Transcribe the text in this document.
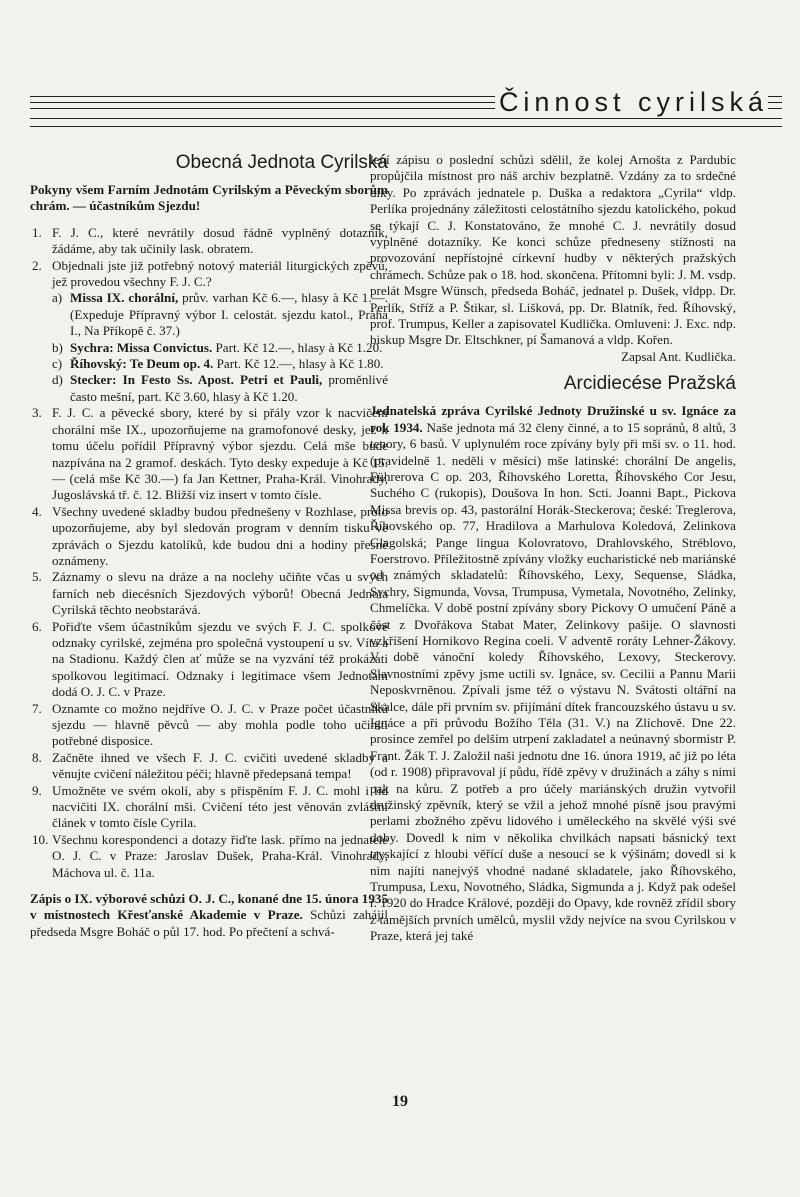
Činnost cyrilská
Obecná Jednota Cyrilská

Pokyny všem Farním Jednotám Cyrilským a Pěveckým sborům chrám. — účastníkům Sjezdu!

1. F. J. C., které nevrátily dosud řádně vyplněný dotazník, žádáme, aby tak učinily lask. obratem.

2. Objednali jste již potřebný notový materiál liturgických zpěvů, jež provedou všechny F. J. C.?

a) Missa IX. chorální, prův. varhan Kč 6.—, hlasy à Kč 1.—. (Expeduje Přípravný výbor I. celostát. sjezdu katol., Praha I., Na Příkopě č. 37.)

b) Sychra: Missa Convictus. Part. Kč 12.—, hlasy à Kč 1.20.

c) Říhovský: Te Deum op. 4. Part. Kč 12.—, hlasy à Kč 1.80.

d) Stecker: In Festo Ss. Apost. Petri et Pauli, proměnlivé často mešní, part. Kč 3.60, hlasy à Kč 1.20.

3. F. J. C. a pěvecké sbory, které by si přály vzor k nacvičení chorální mše IX., upozorňujeme na gramofonové desky, jež k tomu účelu pořídil Přípravný výbor sjezdu. Celá mše bude nazpívána na 2 gramof. deskách. Tyto desky expeduje à Kč 15.— (celá mše Kč 30.—) fa Jan Kettner, Praha-Král. Vinohrady, Jugoslávská tř. č. 12. Bližší viz insert v tomto čísle.

4. Všechny uvedené skladby budou přednešeny v Rozhlase, proto upozorňujeme, aby byl sledován program v denním tisku ve zprávách o Sjezdu katolíků, kde budou dni a hodiny přesně oznámeny.

5. Záznamy o slevu na dráze a na noclehy učiňte včas u svých farních neb diecésních Sjezdových výborů! Obecná Jednota Cyrilská těchto neobstarává.

6. Pořiďte všem účastníkům sjezdu ve svých F. J. C. spolkové odznaky cyrilské, zejména pro společná vystoupení u sv. Víta a na Stadionu. Každý člen ať může se na vyzvání též prokázati spolkovou legitimací. Odznaky i legitimace všem Jednotám dodá O. J. C. v Praze.

7. Oznamte co možno nejdříve O. J. C. v Praze počet účastníků sjezdu — hlavně pěvců — aby mohla podle toho učiniti potřebné disposice.

8. Začněte ihned ve všech F. J. C. cvičiti uvedené skladby a věnujte cvičení náležitou péči; hlavně předepsaná tempa!

9. Umožněte ve svém okolí, aby s přispěním F. J. C. mohl i lid nacvičiti IX. chorální mši. Cvičení této jest věnován zvláštní článek v tomto čísle Cyrila.

10. Všechnu korespondenci a dotazy řiďte lask. přímo na jednatele O. J. C. v Praze: Jaroslav Dušek, Praha-Král. Vinohrady, Máchova ul. č. 11a.

Zápis o IX. výborové schůzi O. J. C., konané dne 15. února 1935 v místnostech Křesťanské Akademie v Praze. Schůzi zahájil předseda Msgre Boháč o půl 17. hod. Po přečtení a schvá-

lení zápisu o poslední schůzi sdělil, že kolej Arnošta z Pardubic propůjčila místnost pro náš archiv bezplatně. Vzdány za to srdečné díky. Po zprávách jednatele p. Duška a redaktora „Cyrila“ vldp. Perlíka projednány záležitosti celostátního sjezdu katolického, pokud se týkají C. J. Konstatováno, že mnohé C. J. nevrátily dosud vyplněné dotazníky. Ke konci schůze předneseny stížnosti na provozování nepřístojné církevní hudby v některých pražských chrámech. Schůze pak o 18. hod. skončena. Přítomni byli: J. M. vsdp. prelát Msgre Wünsch, předseda Boháč, jednatel p. Dušek, vldpp. Dr. Perlík, Stříž a P. Štikar, sl. Lišková, pp. Dr. Blatník, řed. Říhovský, prof. Trumpus, Keller a zapisovatel Kudlička. Omluveni: J. Exc. ndp. biskup Msgre Dr. Eltschkner, pí Šamanová a vldp. Kořen.

Zapsal Ant. Kudlička.

Arcidiecése Pražská

Jednatelská zpráva Cyrilské Jednoty Družinské u sv. Ignáce za rok 1934. Naše jednota má 32 členy činné, a to 15 sopránů, 8 altů, 3 tenory, 6 basů. V uplynulém roce zpívány byly při mši sv. o 11. hod. (pravidelně 1. neděli v měsíci) mše latinské: chorální De angelis, Führerova C op. 203, Říhovského Loretta, Říhovského Cor Jesu, Suchého C (rukopis), Doušova In hon. Scti. Joanni Bapt., Pickova Missa brevis op. 43, pastorální Horák-Steckerova; české: Treglerova, Říhovského op. 77, Hradilova a Marhulova Koledová, Zelinkova Glagolská; Pange lingua Kolovratovo, Drahlovského, Stréblovo, Foerstrovo. Příležitostně zpívány vložky eucharistické neb mariánské od známých skladatelů: Říhovského, Lexy, Sequense, Sládka, Sychry, Sigmunda, Vovsa, Trumpusa, Vymetala, Novotného, Zelinky, Chmelíčka. V době postní zpívány sbory Pickovy O umučení Páně a část z Dvořákova Stabat Mater, Zelinkovy pašije. O slavnosti vzkříšení Hornikovo Regina coeli. V adventě roráty Lehner-Žákovy. V době vánoční koledy Říhovského, Lexovy, Steckerovy. Slavnostními zpěvy jsme uctili sv. Ignáce, sv. Cecilii a Pannu Marii Neposkvrněnou. Zpívali jsme též o výstavu N. Svátosti oltářní na Skalce, dále při prvním sv. přijímání dítek francouzského ústavu u sv. Ignáce a při průvodu Božího Těla (31. V.) na Zlíchově. Dne 22. prosince zemřel po delším utrpení zakladatel a neúnavný sbormistr P. Frant. Žák T. J. Založil naši jednotu dne 16. února 1919, ač již po léta (od r. 1908) připravoval jí půdu, řídě zpěvy v družinách a záhy s nimi pak na kůru. Z potřeb a pro účely mariánských družin vytvořil družinský zpěvník, který se vžil a jehož mnohé písně jsou pravými perlami zbožného zpěvu lidového i uměleckého na skvělé výši své doby. Dovedl k nim v několika chvilkách napsati básnický text tryskající z hloubi věřící duše a nesoucí se k výšinám; dovedl si k nim najíti nanejvýš vhodné nadané skladatele, jako Říhovského, Trumpusa, Lexu, Novotného, Sládka, Sigmunda a j. Když pak odešel r. 1920 do Hradce Králové, později do Opavy, kde rovněž zřídil sbory z tamějších prvních umělců, myslil vždy nejvíce na svou Cyrilskou v Praze, která jej také

19
